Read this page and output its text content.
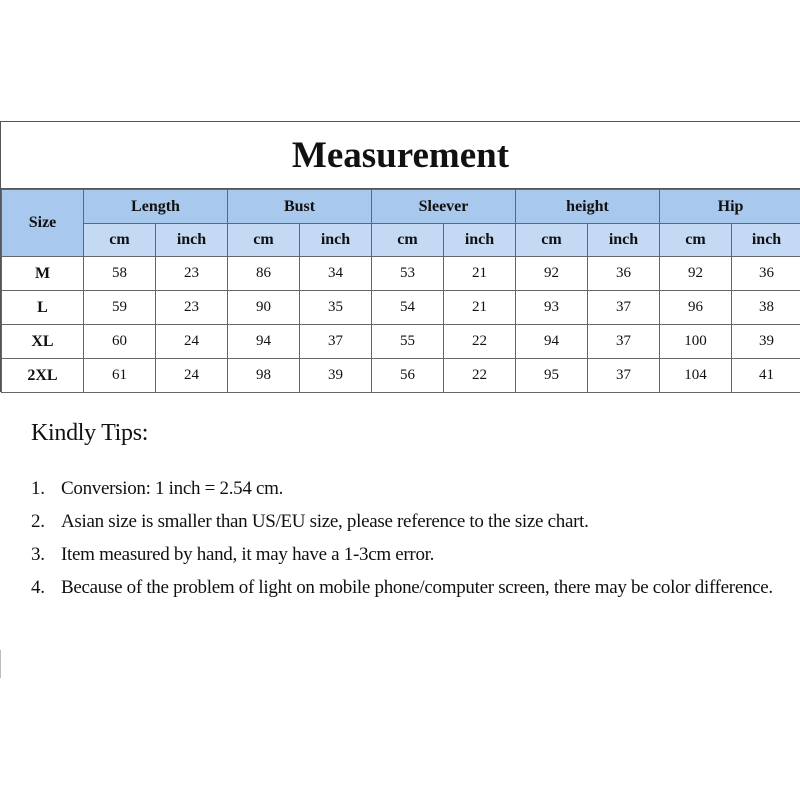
Measurement
Size	Length		Bust		Sleever		height		Hip	
	cm	inch	cm	inch	cm	inch	cm	inch	cm	inch
M	58	23	86	34	53	21	92	36	92	36
L	59	23	90	35	54	21	93	37	96	38
XL	60	24	94	37	55	22	94	37	100	39
2XL	61	24	98	39	56	22	95	37	104	41
Kindly Tips:
1. Conversion: 1 inch = 2.54 cm.
2. Asian size is smaller than US/EU size, please reference to the size chart.
3. Item measured by hand, it may have a 1-3cm error.
4. Because of the problem of light on mobile phone/computer screen, there may be color difference.
